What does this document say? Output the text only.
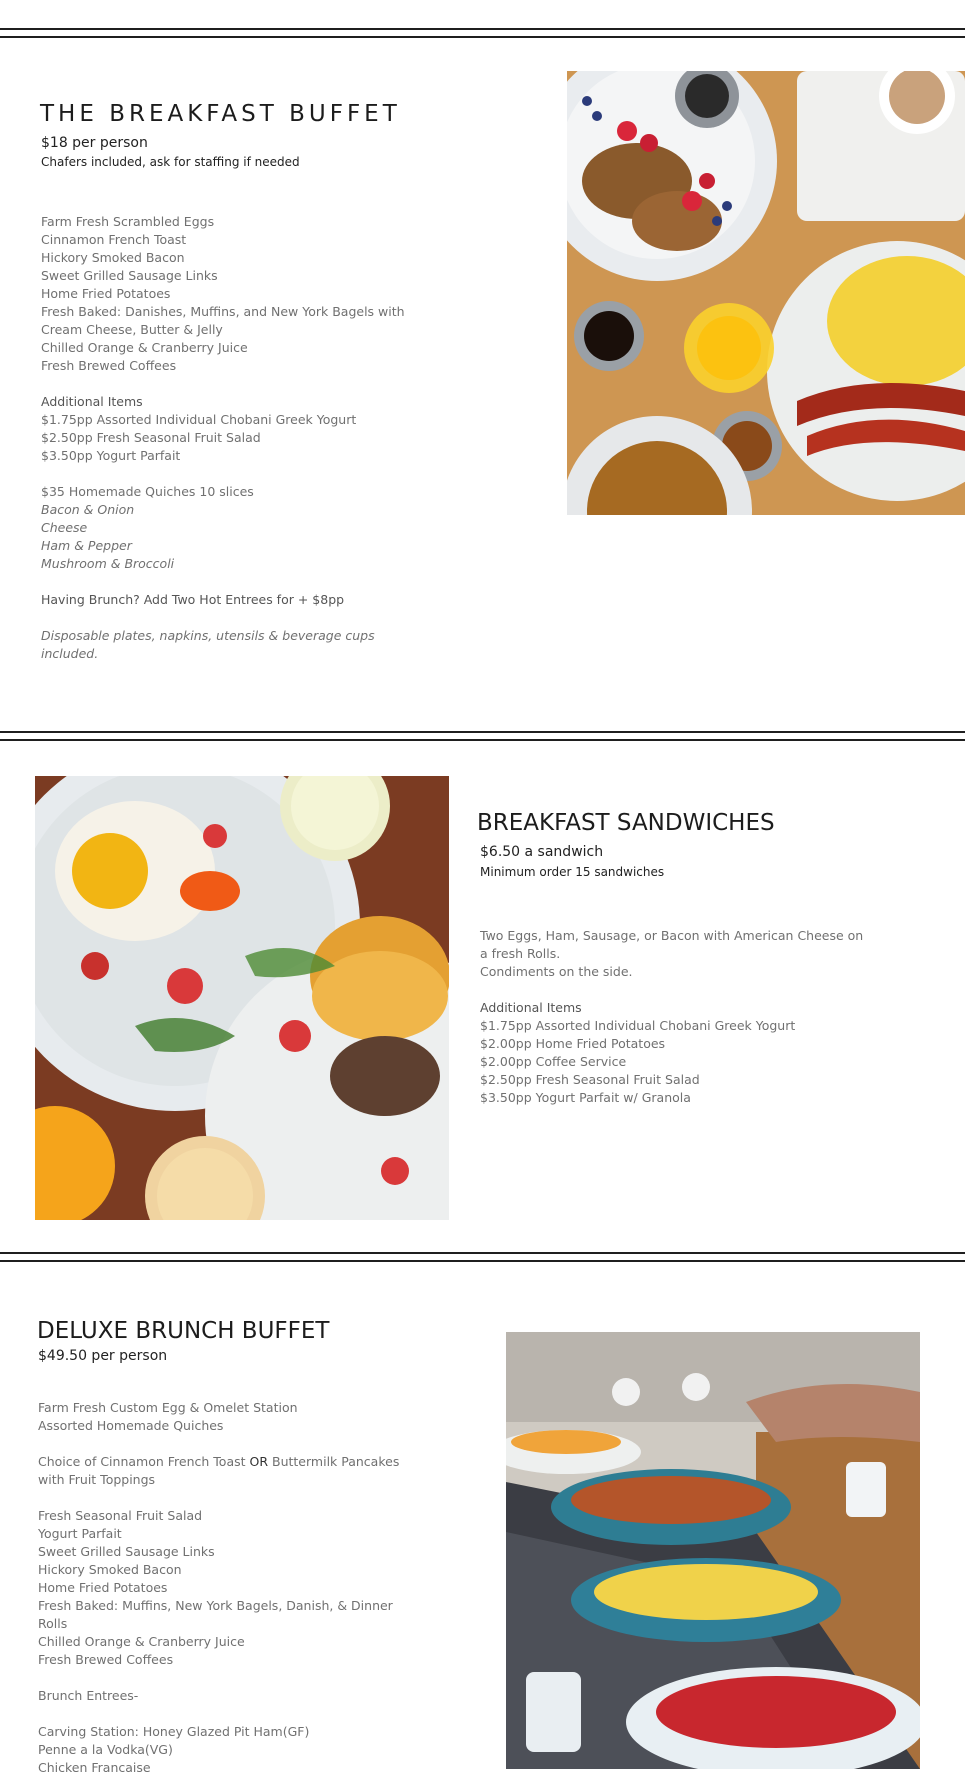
THE BREAKFAST BUFFET
$18 per person
Chafers included, ask for staffing if needed
Farm Fresh Scrambled Eggs
Cinnamon French Toast
Hickory Smoked Bacon
Sweet Grilled Sausage Links
Home Fried Potatoes
Fresh Baked: Danishes, Muffins, and New York Bagels with
Cream Cheese, Butter & Jelly
Chilled Orange & Cranberry Juice
Fresh Brewed Coffees
Additional Items
$1.75pp Assorted Individual Chobani Greek Yogurt
$2.50pp Fresh Seasonal Fruit Salad
$3.50pp Yogurt Parfait
$35 Homemade Quiches 10 slices
Bacon & Onion
Cheese
Ham & Pepper
Mushroom & Broccoli
Having Brunch? Add Two Hot Entrees for + $8pp
Disposable plates, napkins, utensils & beverage cups
included.
BREAKFAST SANDWICHES
$6.50 a sandwich
Minimum order 15 sandwiches
Two Eggs, Ham, Sausage, or Bacon with American Cheese on
a fresh Rolls.
Condiments on the side.
Additional Items
$1.75pp Assorted Individual Chobani Greek Yogurt
$2.00pp Home Fried Potatoes
$2.00pp Coffee Service
$2.50pp Fresh Seasonal Fruit Salad
$3.50pp Yogurt Parfait w/ Granola
DELUXE BRUNCH BUFFET
$49.50 per person
Farm Fresh Custom Egg & Omelet Station
Assorted Homemade Quiches
Choice of Cinnamon French Toast OR Buttermilk Pancakes
with Fruit Toppings
Fresh Seasonal Fruit Salad
Yogurt Parfait
Sweet Grilled Sausage Links
Hickory Smoked Bacon
Home Fried Potatoes
Fresh Baked: Muffins, New York Bagels, Danish, & Dinner
Rolls
Chilled Orange & Cranberry Juice
Fresh Brewed Coffees
Brunch Entrees-
Carving Station: Honey Glazed Pit Ham(GF)
Penne a la Vodka(VG)
Chicken Francaise
